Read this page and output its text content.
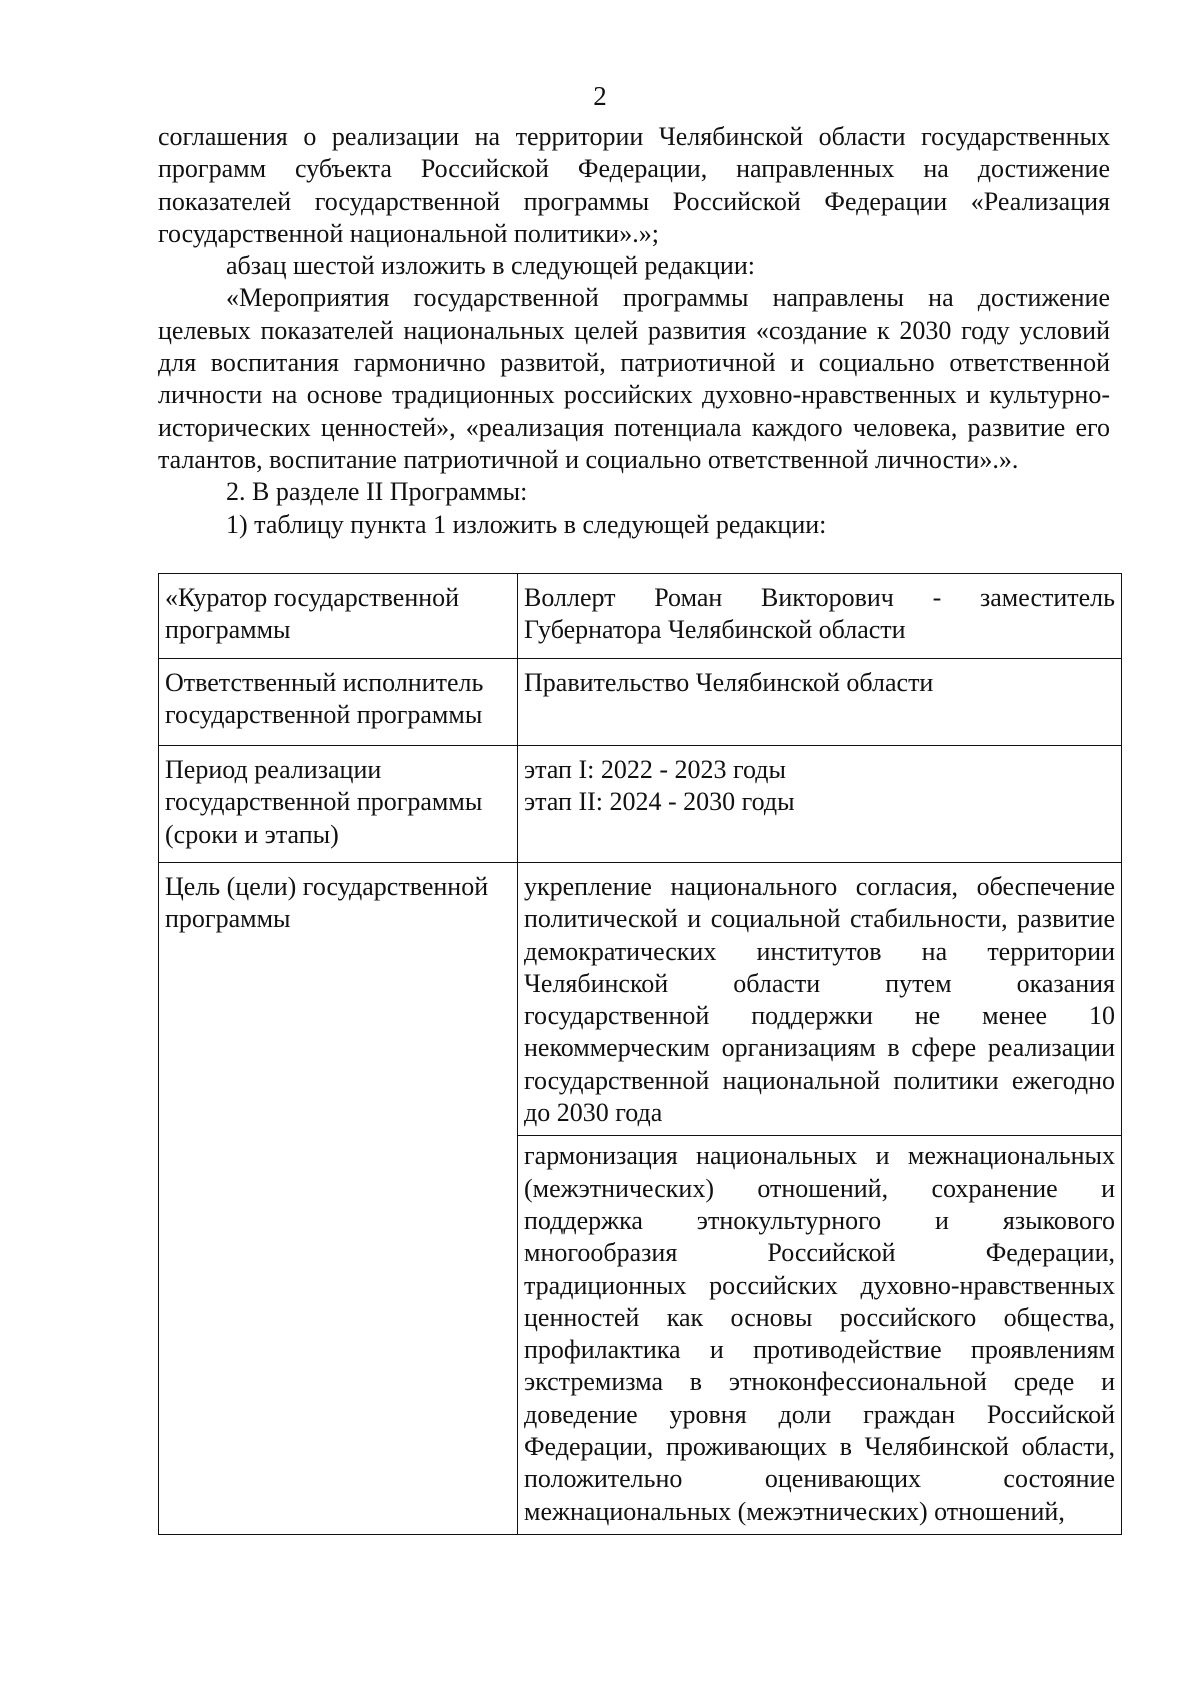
2

соглашения о реализации на территории Челябинской области государственных программ субъекта Российской Федерации, направленных на достижение показателей государственной программы Российской Федерации «Реализация государственной национальной политики».»;

абзац шестой изложить в следующей редакции:

«Мероприятия государственной программы направлены на достижение целевых показателей национальных целей развития «создание к 2030 году условий для воспитания гармонично развитой, патриотичной и социально ответственной личности на основе традиционных российских духовно-нравственных и культурно-исторических ценностей», «реализация потенциала каждого человека, развитие его талантов, воспитание патриотичной и социально ответственной личности».».

2. В разделе II Программы:

1) таблицу пункта 1 изложить в следующей редакции:

«Куратор государственной программы	Воллерт Роман Викторович - заместитель Губернатора Челябинской области
Ответственный исполнитель государственной программы	Правительство Челябинской области
Период реализации государственной программы (сроки и этапы)	этап I: 2022 - 2023 годы
этап II: 2024 - 2030 годы

Цель (цели) государственной программы	укрепление национального согласия, обеспечение политической и социальной стабильности, развитие демократических институтов на территории Челябинской области путем оказания государственной поддержки не менее 10 некоммерческим организациям в сфере реализации государственной национальной политики ежегодно до 2030 года
гармонизация национальных и межнациональных (межэтнических) отношений, сохранение и поддержка этнокультурного и языкового многообразия Российской Федерации, традиционных российских духовно-нравственных ценностей как основы российского общества, профилактика и противодействие проявлениям экстремизма в этноконфессиональной среде и доведение уровня доли граждан Российской Федерации, проживающих в Челябинской области, положительно оценивающих состояние межнациональных (межэтнических) отношений,
